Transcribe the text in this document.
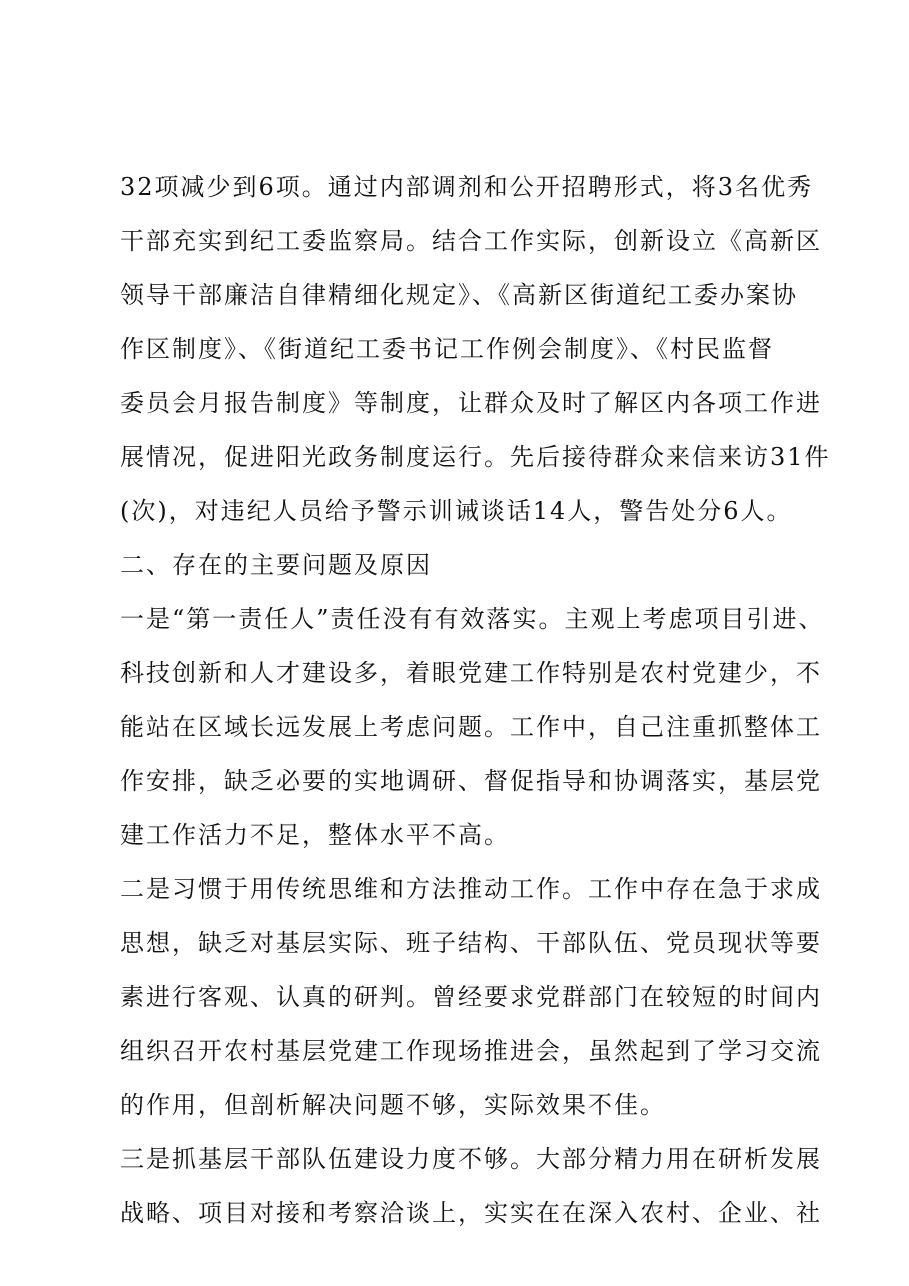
32项减少到6项。通过内部调剂和公开招聘形式，将3名优秀
干部充实到纪工委监察局。结合工作实际，创新设立《高新区
领导干部廉洁自律精细化规定》、《高新区街道纪工委办案协
作区制度》、《街道纪工委书记工作例会制度》、《村民监督
委员会月报告制度》等制度，让群众及时了解区内各项工作进
展情况，促进阳光政务制度运行。先后接待群众来信来访31件
(次)，对违纪人员给予警示训诫谈话14人，警告处分6人。
二、存在的主要问题及原因
一是“第一责任人”责任没有有效落实。主观上考虑项目引进、
科技创新和人才建设多，着眼党建工作特别是农村党建少，不
能站在区域长远发展上考虑问题。工作中，自己注重抓整体工
作安排，缺乏必要的实地调研、督促指导和协调落实，基层党
建工作活力不足，整体水平不高。
二是习惯于用传统思维和方法推动工作。工作中存在急于求成
思想，缺乏对基层实际、班子结构、干部队伍、党员现状等要
素进行客观、认真的研判。曾经要求党群部门在较短的时间内
组织召开农村基层党建工作现场推进会，虽然起到了学习交流
的作用，但剖析解决问题不够，实际效果不佳。
三是抓基层干部队伍建设力度不够。大部分精力用在研析发展
战略、项目对接和考察洽谈上，实实在在深入农村、企业、社
